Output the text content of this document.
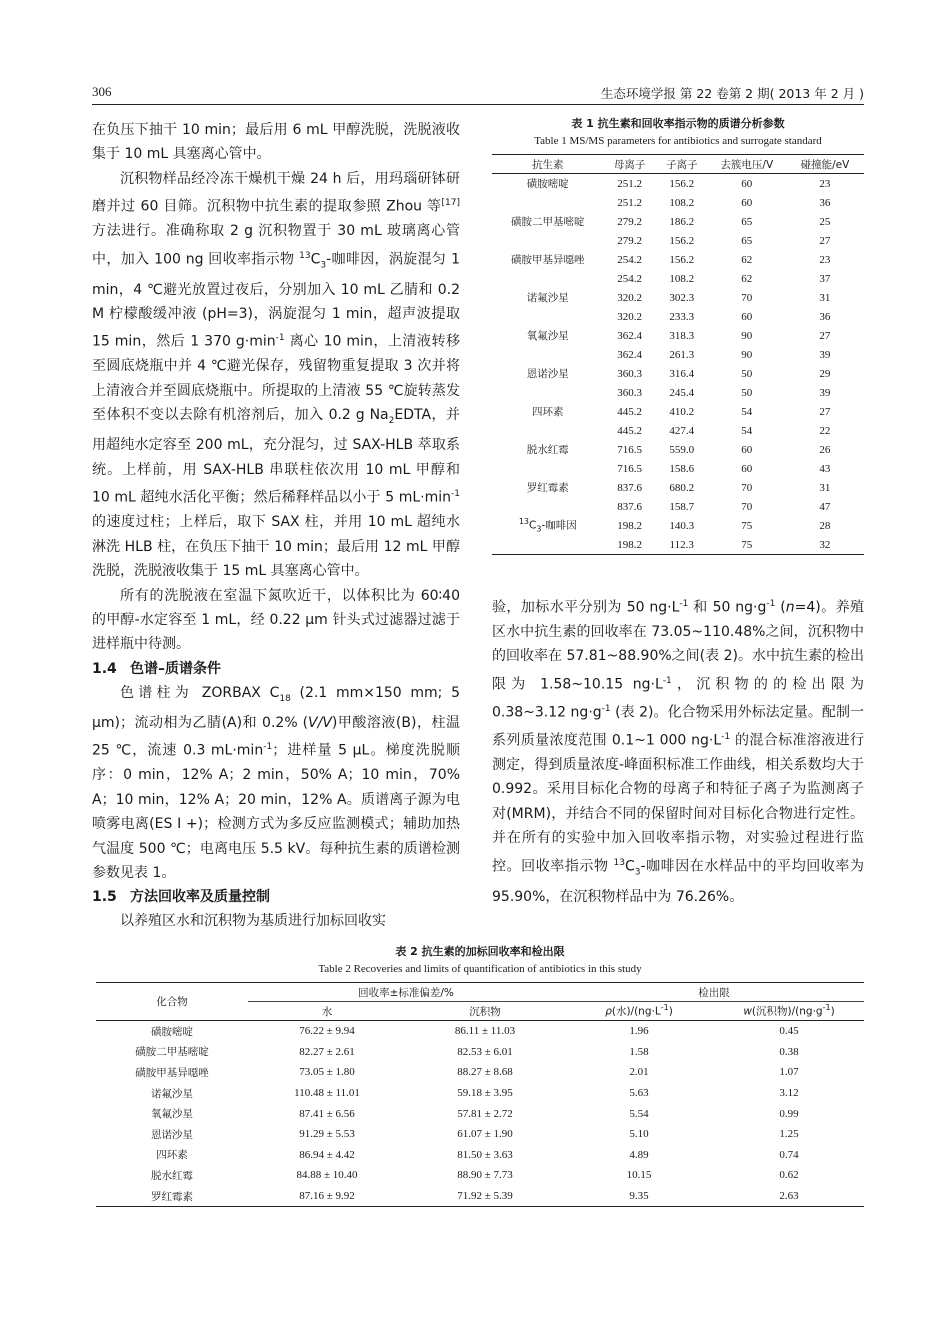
306	生态环境学报 第 22 卷第 2 期( 2013 年 2 月 )

在负压下抽干 10 min；最后用 6 mL 甲醇洗脱，洗脱液收集于 10 mL 具塞离心管中。

沉积物样品经冷冻干燥机干燥 24 h 后，用玛瑙研钵研磨并过 60 目筛。沉积物中抗生素的提取参照 Zhou 等[17]方法进行。准确称取 2 g 沉积物置于 30 mL 玻璃离心管中，加入 100 ng 回收率指示物 $^{13}C_3-$咖啡因，涡旋混匀 1 min，4 ℃避光放置过夜后，分别加入 10 mL 乙腈和 0.2 M 柠檬酸缓冲液 (pH=3)，涡旋混匀 1 min，超声波提取 15 min，然后 1 370 $g\cdot\min^{-1}$ 离心 10 min，上清液转移至圆底烧瓶中并 4 ℃避光保存，残留物重复提取 3 次并将上清液合并至圆底烧瓶中。所提取的上清液 55 ℃旋转蒸发至体积不变以去除有机溶剂后，加入 0.2 g $Na_2EDTA$，并用超纯水定容至 200 mL，充分混匀，过 SAX-HLB 萃取系统。上样前，用 SAX-HLB 串联柱依次用 10 mL 甲醇和 10 mL 超纯水活化平衡；然后稀释样品以小于 5 $mL\cdot\min^{-1}$ 的速度过柱；上样后，取下 SAX 柱，并用 10 mL 超纯水淋洗 HLB 柱，在负压下抽干 10 min；最后用 12 mL 甲醇洗脱，洗脱液收集于 15 mL 具塞离心管中。

所有的洗脱液在室温下氮吹近干，以体积比为 60∶40 的甲醇-水定容至 1 mL，经 0.22 μm 针头式过滤器过滤于进样瓶中待测。

1.4 色谱–质谱条件

色谱柱为 ZORBAX $C_{18}$ (2.1 mm×150 mm; 5 μm)；流动相为乙腈(A)和 0.2% (V/V)甲酸溶液(B)，柱温 25 ℃，流速 0.3 $mL\cdot\min^{-1}$；进样量 5 μL。梯度洗脱顺序：0 min，12% A；2 min，50% A；10 min，70% A；10 min，12% A；20 min，12% A。质谱离子源为电喷雾电离(ES I +)；检测方式为多反应监测模式；辅助加热气温度 500 ℃；电离电压 5.5 kV。每种抗生素的质谱检测参数见表 1。

1.5 方法回收率及质量控制

以养殖区水和沉积物为基质进行加标回收实

表 1 抗生素和回收率指示物的质谱分析参数
Table 1 MS/MS parameters for antibiotics and surrogate standard
抗生素	母离子	子离子	去簇电压/V	碰撞能/eV
磺胺嘧啶	251.2	156.2	60	23
	251.2	108.2	60	36
磺胺二甲基嘧啶	279.2	186.2	65	25
	279.2	156.2	65	27
磺胺甲基异噁唑	254.2	156.2	62	23
	254.2	108.2	62	37
诺氟沙星	320.2	302.3	70	31
	320.2	233.3	60	36
氧氟沙星	362.4	318.3	90	27
	362.4	261.3	90	39
恩诺沙星	360.3	316.4	50	29
	360.3	245.4	50	39
四环素	445.2	410.2	54	27
	445.2	427.4	54	22
脱水红霉	716.5	559.0	60	26
	716.5	158.6	60	43
罗红霉素	837.6	680.2	70	31
	837.6	158.7	70	47
$^{13}C_3-$咖啡因	198.2	140.3	75	28
	198.2	112.3	75	32

验，加标水平分别为 50 $ng\cdot L^{-1}$ 和 50 $ng\cdot g^{-1}$ (n=4)。养殖区水中抗生素的回收率在 73.05~110.48%之间，沉积物中的回收率在 57.81~88.90%之间(表 2)。水中抗生素的检出限为 1.58~10.15 $ng\cdot L^{-1}$，沉积物的的检出限为 0.38~3.12 $ng\cdot g^{-1}$ (表 2)。化合物采用外标法定量。配制一系列质量浓度范围 0.1~1 000 $ng\cdot L^{-1}$ 的混合标准溶液进行测定，得到质量浓度-峰面积标准工作曲线，相关系数均大于 0.992。采用目标化合物的母离子和特征子离子为监测离子对(MRM)，并结合不同的保留时间对目标化合物进行定性。并在所有的实验中加入回收率指示物，对实验过程进行监控。回收率指示物 $^{13}C_3-$咖啡因在水样品中的平均回收率为 95.90%，在沉积物样品中为 76.26%。

表 2 抗生素的加标回收率和检出限
Table 2 Recoveries and limits of quantification of antibiotics in this study
化合物	回收率±标准偏差/%		检出限	
	水	沉积物	ρ(水)$/(ng\cdot L^{-1})$	w(沉积物)$/(ng\cdot g^{-1})$
磺胺嘧啶	76.22 ± 9.94	86.11 ± 11.03	1.96	0.45
磺胺二甲基嘧啶	82.27 ± 2.61	82.53 ± 6.01	1.58	0.38
磺胺甲基异噁唑	73.05 ± 1.80	88.27 ± 8.68	2.01	1.07
诺氟沙星	110.48 ± 11.01	59.18 ± 3.95	5.63	3.12
氧氟沙星	87.41 ± 6.56	57.81 ± 2.72	5.54	0.99
恩诺沙星	91.29 ± 5.53	61.07 ± 1.90	5.10	1.25
四环素	86.94 ± 4.42	81.50 ± 3.63	4.89	0.74
脱水红霉	84.88 ± 10.40	88.90 ± 7.73	10.15	0.62
罗红霉素	87.16 ± 9.92	71.92 ± 5.39	9.35	2.63
